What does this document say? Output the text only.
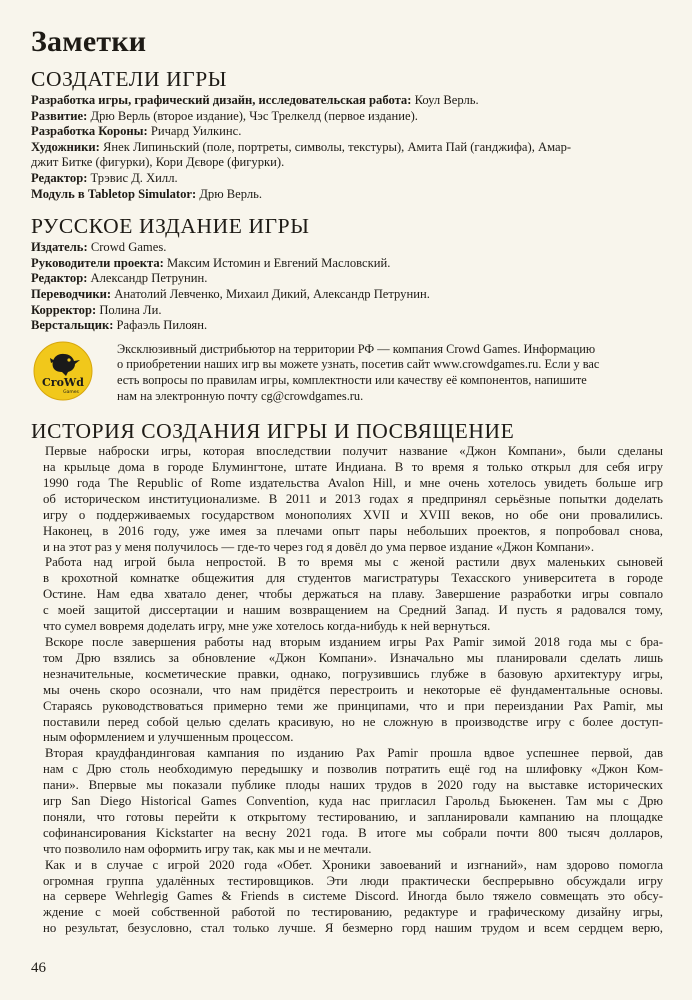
Заметки
СОЗДАТЕЛИ ИГРЫ

Разработка игры, графический дизайн, исследовательская работа: Коул Верль.

Развитие: Дрю Верль (второе издание), Чэс Трелкелд (первое издание).

Разработка Короны: Ричард Уилкинс.

Художники: Янек Липиньский (поле, портреты, символы, текстуры), Амита Пай (ганджифа), Амар-

джит Битке (фигурки), Кори Дєворе (фигурки).

Редактор: Трэвис Д. Хилл.

Модуль в Tabletop Simulator: Дрю Верль.

РУССКОЕ ИЗДАНИЕ ИГРЫ

Издатель: Crowd Games.

Руководители проекта: Максим Истомин и Евгений Масловский.

Редактор: Александр Петрунин.

Переводчики: Анатолий Левченко, Михаил Дикий, Александр Петрунин.

Корректор: Полина Ли.

Верстальщик: Рафаэль Пилоян.

CroWd
Games
Эксклюзивный дистрибьютор на территории РФ — компания Crowd Games. Информацию
о приобретении наших игр вы можете узнать, посетив сайт www.crowdgames.ru. Если у вас
есть вопросы по правилам игры, комплектности или качеству её компонентов, напишите
нам на электронную почту cg@crowdgames.ru.
ИСТОРИЯ СОЗДАНИЯ ИГРЫ И ПОСВЯЩЕНИЕ

Первые наброски игры, которая впоследствии получит название «Джон Компани», были сделаны
на крыльце дома в городе Блумингтоне, штате Индиана. В то время я только открыл для себя игру
1990 года The Republic of Rome издательства Avalon Hill, и мне очень хотелось увидеть больше игр
об историческом институционализме. В 2011 и 2013 годах я предпринял серьёзные попытки доделать
игру о поддерживаемых государством монополиях XVII и XVIII веков, но обе они провалились.
Наконец, в 2016 году, уже имея за плечами опыт пары небольших проектов, я попробовал снова,
и на этот раз у меня получилось — где-то через год я довёл до ума первое издание «Джон Компани».

Работа над игрой была непростой. В то время мы с женой растили двух маленьких сыновей
в крохотной комнатке общежития для студентов магистратуры Техасского университета в городе
Остине. Нам едва хватало денег, чтобы держаться на плаву. Завершение разработки игры совпало
с моей защитой диссертации и нашим возвращением на Средний Запад. И пусть я радовался тому,
что сумел вовремя доделать игру, мне уже хотелось когда-нибудь к ней вернуться.

Вскоре после завершения работы над вторым изданием игры Pax Pamir зимой 2018 года мы с бра-
том Дрю взялись за обновление «Джон Компани». Изначально мы планировали сделать лишь
незначительные, косметические правки, однако, погрузившись глубже в базовую архитектуру игры,
мы очень скоро осознали, что нам придётся перестроить и некоторые её фундаментальные основы.
Стараясь руководствоваться примерно теми же принципами, что и при переиздании Pax Pamir, мы
поставили перед собой целью сделать красивую, но не сложную в производстве игру с более доступ-
ным оформлением и улучшенным процессом.

Вторая краудфандинговая кампания по изданию Pax Pamir прошла вдвое успешнее первой, дав
нам с Дрю столь необходимую передышку и позволив потратить ещё год на шлифовку «Джон Ком-
пани». Впервые мы показали публике плоды наших трудов в 2020 году на выставке исторических
игр San Diego Historical Games Convention, куда нас пригласил Гарольд Бьюкенен. Там мы с Дрю
поняли, что готовы перейти к открытому тестированию, и запланировали кампанию на площадке
софинансирования Kickstarter на весну 2021 года. В итоге мы собрали почти 800 тысяч долларов,
что позволило нам оформить игру так, как мы и не мечтали.

Как и в случае с игрой 2020 года «Обет. Хроники завоеваний и изгнаний», нам здорово помогла
огромная группа удалённых тестировщиков. Эти люди практически беспрерывно обсуждали игру
на сервере Wehrlegig Games & Friends в системе Discord. Иногда было тяжело совмещать это обсу-
ждение с моей собственной работой по тестированию, редактуре и графическому дизайну игры,
но результат, безусловно, стал только лучше. Я безмерно горд нашим трудом и всем сердцем верю,

46
